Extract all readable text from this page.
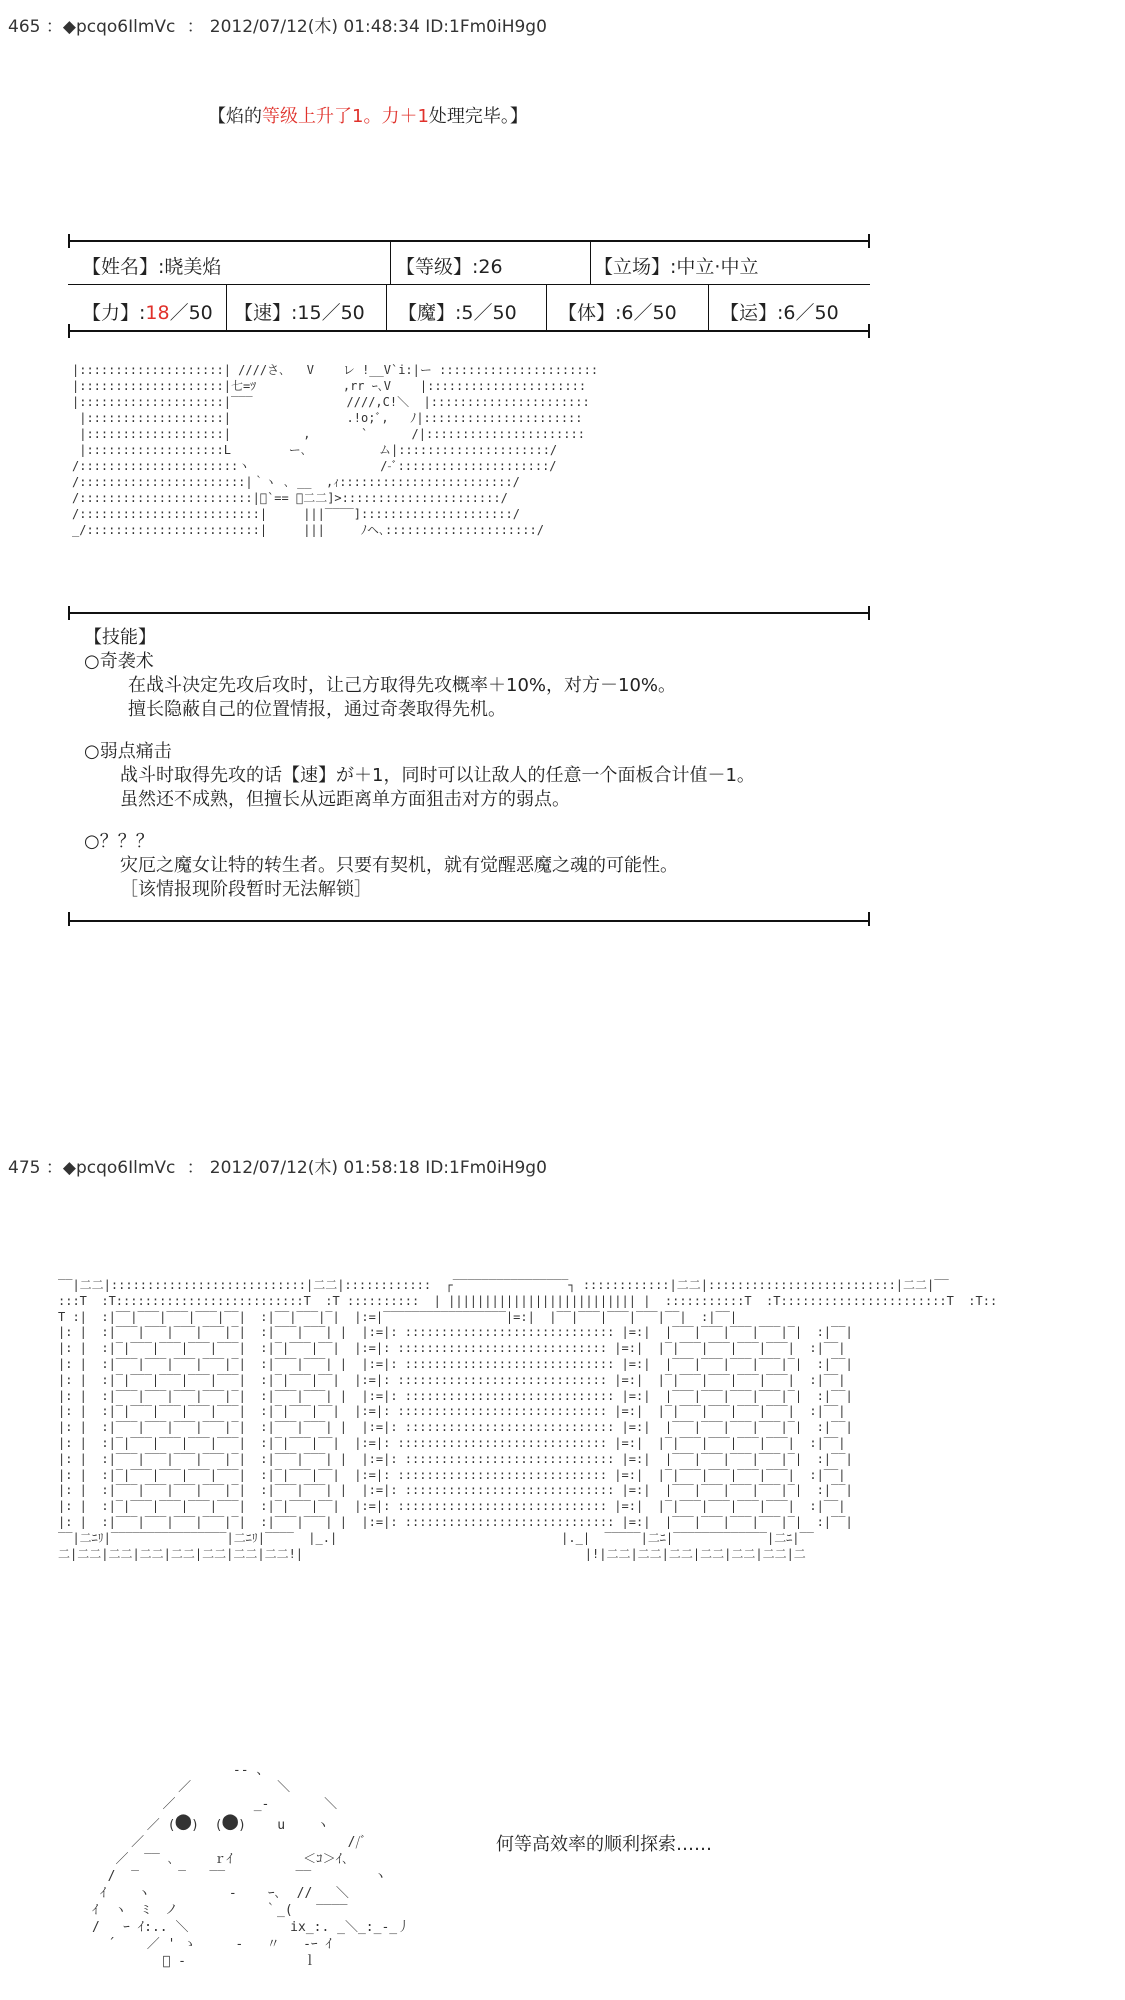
465 ：◆pcqo6IlmVc ： 2012/07/12(木) 01:48:34 ID:1Fm0iH9g0
【焰的等级上升了1。力＋1处理完毕。】
【姓名】:晓美焰	【等级】:26	【立场】:中立·中立
【力】:18／50 【速】:15／50 【魔】:5／50 【体】:6／50 【运】:6／50
|::::::::::::::::::::| ////さ､   V    レ !__V`i:|ー ::::::::::::::::::::::
|::::::::::::::::::::|七=ﾂ            ,rr ｰ､V    |::::::::::::::::::::::
|::::::::::::::::::::|‾‾‾             ////,C!＼  |::::::::::::::::::::::
|:::::::::::::::::::|                .!o;ﾞ,   ﾉ|::::::::::::::::::::::
|:::::::::::::::::::|          ,       `      /|::::::::::::::::::::::
|:::::::::::::::::::L        ー､          ム|:::::::::::::::::::::/
/::::::::::::::::::::::ヽ                  /-ﾞ:::::::::::::::::::::/
/:::::::::::::::::::::::|｀ヽ ､ __  ,ｨ::::::::::::::::::::::::/
/::::::::::::::::::::::::|ﾞ`== 、二二]>::::::::::::::::::::::/
/:::::::::::::::::::::::::|     |||‾‾‾‾]:::::::::::::::::::::/
_/::::::::::::::::::::::::|     |||     ﾉヘ､:::::::::::::::::::::/
【技能】
○奇袭术
在战斗决定先攻后攻时，让己方取得先攻概率＋10%，对方－10%。
擅长隐蔽自己的位置情报，通过奇袭取得先机。
○弱点痛击
战斗时取得先攻的话【速】が＋1，同时可以让敌人的任意一个面板合计值－1。
虽然还不成熟，但擅长从远距离单方面狙击对方的弱点。
○？？？
灾厄之魔女让特的转生者。只要有契机，就有觉醒恶魔之魂的可能性。
［该情报现阶段暂时无法解锁］
475 ：◆pcqo6IlmVc ： 2012/07/12(木) 01:58:18 ID:1Fm0iH9g0
‾‾|二二|:::::::::::::::::::::::::::|二二|::::::::::::  ┌‾‾‾‾‾‾‾‾‾‾‾‾‾‾‾‾┐ ::::::::::::|二二|::::::::::::::::::::::::::|二二|‾‾
:::T  :T::::::::::::::::::::::::::T  :T ::::::::::  | |||||||||||||||||||||||||| |  :::::::::::T  :T:::::::::::::::::::::::T  :T::
T :|  :|‾‾|‾‾‾|‾‾‾|‾‾‾|‾‾|  :|‾‾|‾‾‾|‾|  |:=|‾‾‾‾‾‾‾‾‾‾‾‾‾‾‾‾‾|=:|  |‾‾|‾‾‾|‾‾‾|‾‾‾|‾‾|  :|‾‾|
|: |  :|‾‾‾|‾‾‾|‾‾‾|‾‾‾|‾|  :|‾‾‾|‾‾‾| |  |:=|: ::::::::::::::::::::::::::::: |=:|  |‾‾‾|‾‾‾|‾‾‾|‾‾‾|‾|  :|‾‾|
|: |  :|‾|‾‾‾|‾‾‾|‾‾‾|‾‾‾|  :|‾|‾‾‾|‾‾|  |:=|: ::::::::::::::::::::::::::::: |=:|  |‾|‾‾‾|‾‾‾|‾‾‾|‾‾‾|  :|‾‾|
|: |  :|‾‾‾|‾‾‾|‾‾‾|‾‾‾|‾|  :|‾‾‾|‾‾‾| |  |:=|: ::::::::::::::::::::::::::::: |=:|  |‾‾‾|‾‾‾|‾‾‾|‾‾‾|‾|  :|‾‾|
|: |  :|‾|‾‾‾|‾‾‾|‾‾‾|‾‾‾|  :|‾|‾‾‾|‾‾|  |:=|: ::::::::::::::::::::::::::::: |=:|  |‾|‾‾‾|‾‾‾|‾‾‾|‾‾‾|  :|‾‾|
|: |  :|‾‾‾|‾‾‾|‾‾‾|‾‾‾|‾|  :|‾‾‾|‾‾‾| |  |:=|: ::::::::::::::::::::::::::::: |=:|  |‾‾‾|‾‾‾|‾‾‾|‾‾‾|‾|  :|‾‾|
|: |  :|‾|‾‾‾|‾‾‾|‾‾‾|‾‾‾|  :|‾|‾‾‾|‾‾|  |:=|: ::::::::::::::::::::::::::::: |=:|  |‾|‾‾‾|‾‾‾|‾‾‾|‾‾‾|  :|‾‾|
|: |  :|‾‾‾|‾‾‾|‾‾‾|‾‾‾|‾|  :|‾‾‾|‾‾‾| |  |:=|: ::::::::::::::::::::::::::::: |=:|  |‾‾‾|‾‾‾|‾‾‾|‾‾‾|‾|  :|‾‾|
|: |  :|‾|‾‾‾|‾‾‾|‾‾‾|‾‾‾|  :|‾|‾‾‾|‾‾|  |:=|: ::::::::::::::::::::::::::::: |=:|  |‾|‾‾‾|‾‾‾|‾‾‾|‾‾‾|  :|‾‾|
|: |  :|‾‾‾|‾‾‾|‾‾‾|‾‾‾|‾|  :|‾‾‾|‾‾‾| |  |:=|: ::::::::::::::::::::::::::::: |=:|  |‾‾‾|‾‾‾|‾‾‾|‾‾‾|‾|  :|‾‾|
|: |  :|‾|‾‾‾|‾‾‾|‾‾‾|‾‾‾|  :|‾|‾‾‾|‾‾|  |:=|: ::::::::::::::::::::::::::::: |=:|  |‾|‾‾‾|‾‾‾|‾‾‾|‾‾‾|  :|‾‾|
|: |  :|‾‾‾|‾‾‾|‾‾‾|‾‾‾|‾|  :|‾‾‾|‾‾‾| |  |:=|: ::::::::::::::::::::::::::::: |=:|  |‾‾‾|‾‾‾|‾‾‾|‾‾‾|‾|  :|‾‾|
|: |  :|‾|‾‾‾|‾‾‾|‾‾‾|‾‾‾|  :|‾|‾‾‾|‾‾|  |:=|: ::::::::::::::::::::::::::::: |=:|  |‾|‾‾‾|‾‾‾|‾‾‾|‾‾‾|  :|‾‾|
|: |  :|‾‾‾|‾‾‾|‾‾‾|‾‾‾|‾|  :|‾‾‾|‾‾‾| |  |:=|: ::::::::::::::::::::::::::::: |=:|  |‾‾‾|‾‾‾|‾‾‾|‾‾‾|‾|  :|‾‾|
‾‾|二ﾆﾘ|‾‾‾‾‾‾‾‾‾‾‾‾‾‾‾‾|二ﾆﾘ|‾‾‾‾  |_.|                               |._|  ‾‾‾‾‾|二ﾆ|‾‾‾‾‾‾‾‾‾‾‾‾‾|二ﾆ|‾‾
二|二二|二二|二二|二二|二二|二二|二二!|                                       |!|二二|二二|二二|二二|二二|二二|二
‐‐ 、
／           ＼
／          _‐       ＼
／ (●)  (●)    u    ヽ
／                          //ﾞ
／  ‾‾ ､     ｒｲ         ＜ｺ＞ｲ､
/  ‾     ‾   ‾‾         ‾‾        ヽ
ｲ    ヽ          ‐    ｰ､  //   ＼
ｲ  ヽ  ﾐ  ノ           ｀_(   ‾‾‾‾
/   ｰ ｲ:.. ＼             ix_:. _＼_:_‐_丿
´    ／ ' ゝ     ‐   〃   ‐ｰ ｲ
ﾞ ‐               ｌ
何等高效率的顺利探索……
